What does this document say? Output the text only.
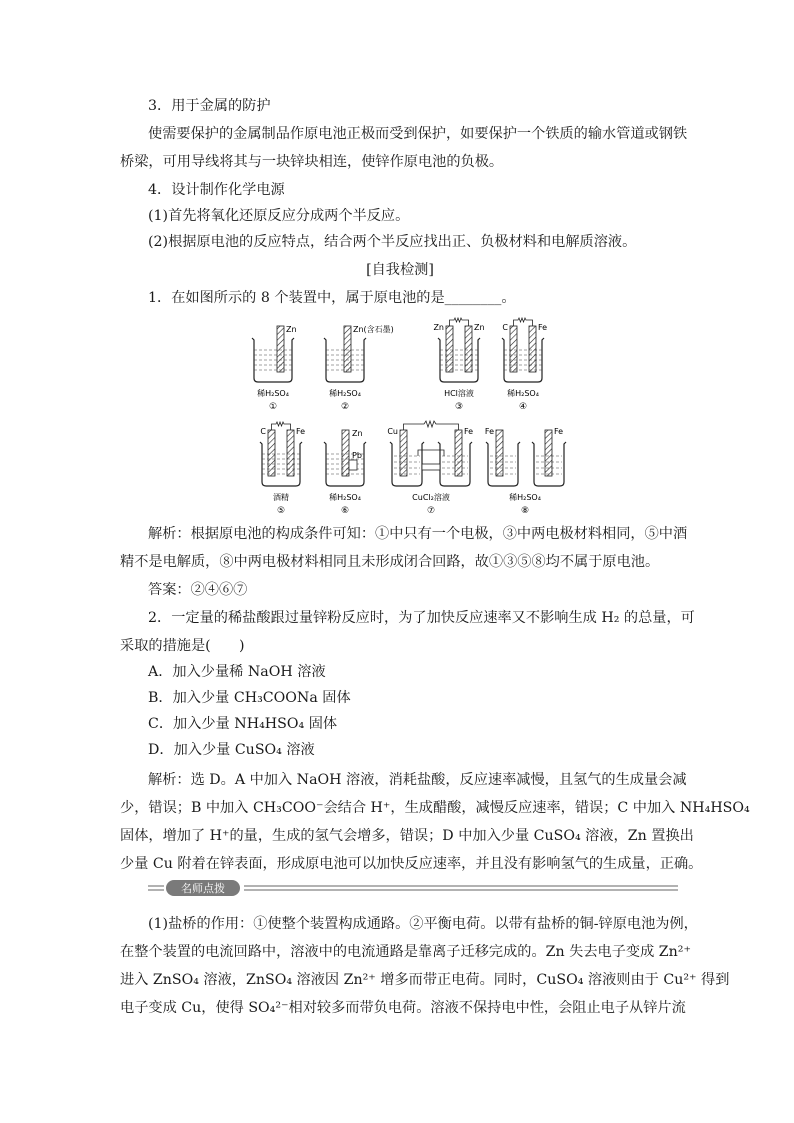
3．用于金属的防护
使需要保护的金属制品作原电池正极而受到保护，如要保护一个铁质的输水管道或钢铁
桥梁，可用导线将其与一块锌块相连，使锌作原电池的负极。
4．设计制作化学电源
(1)首先将氧化还原反应分成两个半反应。
(2)根据原电池的反应特点，结合两个半反应找出正、负极材料和电解质溶液。
[自我检测]
1．在如图所示的 8 个装置中，属于原电池的是________。
Zn
稀H₂SO₄
①
Zn(含石墨)
稀H₂SO₄
②
Zn	Zn
HCl溶液
③
C	Fe
稀H₂SO₄
④
C	Fe
酒精
⑤
Zn
Pb
稀H₂SO₄
⑥
Cu	Fe
CuCl₂溶液
⑦
Fe	Fe
稀H₂SO₄
⑧
解析：根据原电池的构成条件可知：①中只有一个电极，③中两电极材料相同，⑤中酒
精不是电解质，⑧中两电极材料相同且未形成闭合回路，故①③⑤⑧均不属于原电池。
答案：②④⑥⑦
2．一定量的稀盐酸跟过量锌粉反应时，为了加快反应速率又不影响生成 H₂ 的总量，可
采取的措施是(　　)
A．加入少量稀 NaOH 溶液
B．加入少量 CH₃COONa 固体
C．加入少量 NH₄HSO₄ 固体
D．加入少量 CuSO₄ 溶液
解析：选 D。A 中加入 NaOH 溶液，消耗盐酸，反应速率减慢，且氢气的生成量会减
少，错误；B 中加入 CH₃COO⁻会结合 H⁺，生成醋酸，减慢反应速率，错误；C 中加入 NH₄HSO₄
固体，增加了 H⁺的量，生成的氢气会增多，错误；D 中加入少量 CuSO₄ 溶液，Zn 置换出
少量 Cu 附着在锌表面，形成原电池可以加快反应速率，并且没有影响氢气的生成量，正确。
名师点拨
(1)盐桥的作用：①使整个装置构成通路。②平衡电荷。以带有盐桥的铜-锌原电池为例，
在整个装置的电流回路中，溶液中的电流通路是靠离子迁移完成的。Zn 失去电子变成 Zn²⁺
进入 ZnSO₄ 溶液，ZnSO₄ 溶液因 Zn²⁺ 增多而带正电荷。同时，CuSO₄ 溶液则由于 Cu²⁺ 得到
电子变成 Cu，使得 SO₄²⁻相对较多而带负电荷。溶液不保持电中性，会阻止电子从锌片流
